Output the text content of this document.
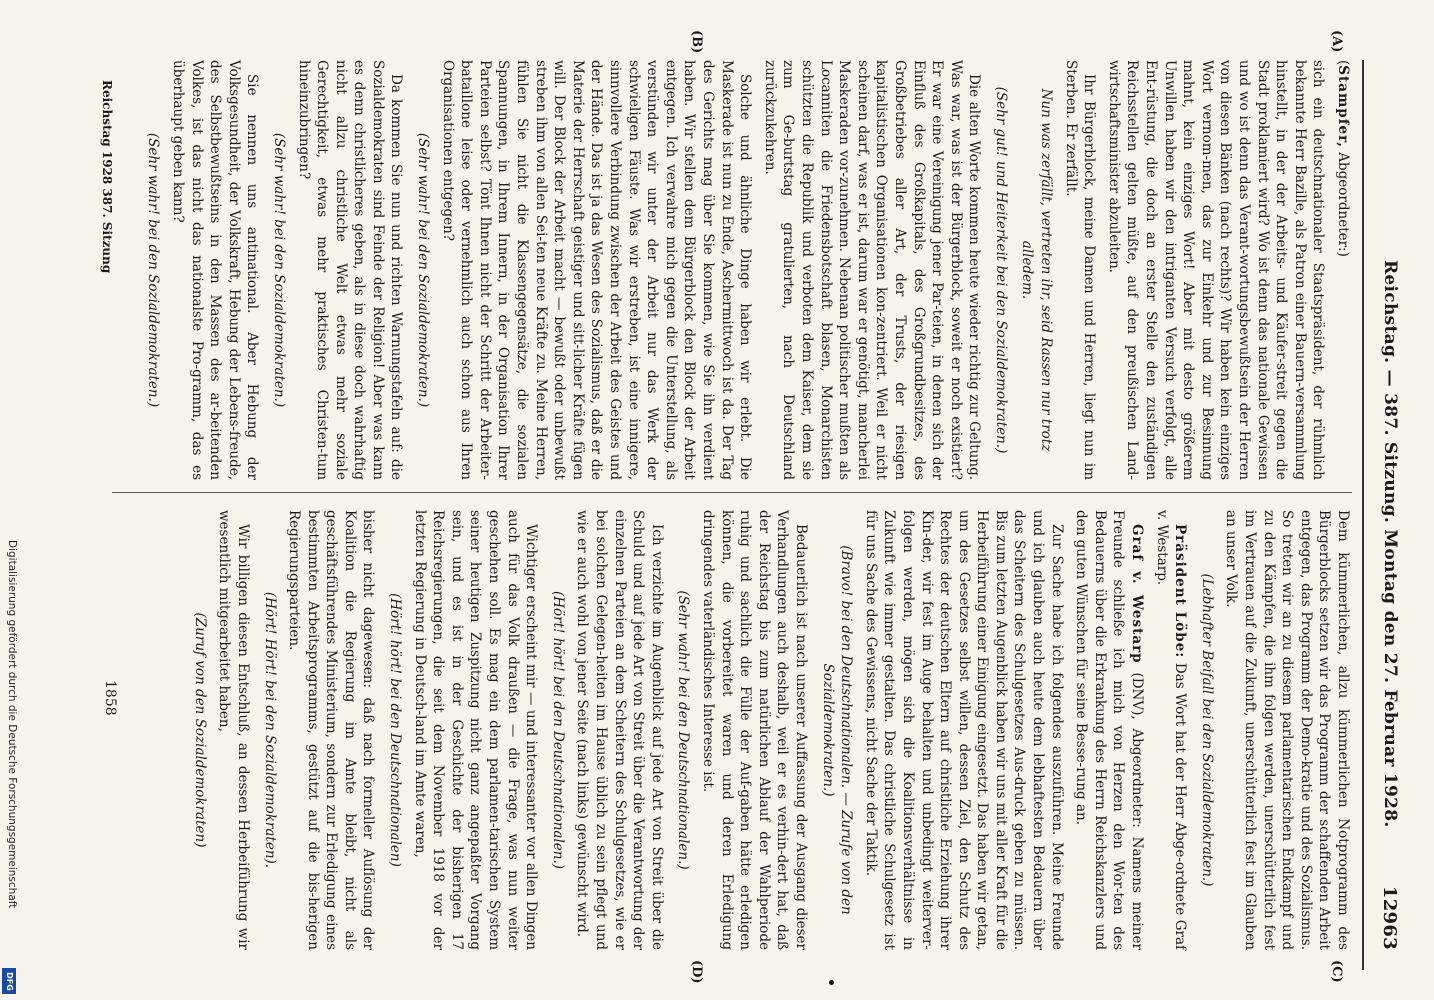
Reichstag. — 387. Sitzung. Montag den 27. Februar 1928.
12963
(A)
(B)
(C)
(D)

(Stampfer, Abgeordneter:)

sich ein deutschnationaler Staatspräsident, der rühmlich bekannte Herr Bazille, als Patron einer Bauern-versammlung hinstellt, in der der Arbeits- und Käufer-streit gegen die Stadt proklamiert wird? Wo ist denn das nationale Gewissen und wo ist denn das Verant-wortungsbewußtsein der Herren von diesen Bänken (nach rechts)? Wir haben kein einziges Wort vernom-men, das zur Einkehr und zur Besinnung mahnt, kein einziges Wort! Aber mit desto größerem Unwillen haben wir den intriganten Versuch verfolgt, alle Ent-rüstung, die doch an erster Stelle den zuständigen Reichsstellen gelten müßte, auf den preußischen Land-wirtschaftsminister abzuleiten.

Ihr Bürgerblock, meine Damen und Herren, liegt nun im Sterben. Er zerfällt.

Nun was zerfällt, vertreten ihr, seid Rassen nur trotz alledem.

(Sehr gut! und Heiterkeit bei den Sozialdemokraten.)

Die alten Worte kommen heute wieder richtig zur Geltung. Was war, was ist der Bürgerblock, soweit er noch existiert? Er war eine Vereinigung jener Par-teien, in denen sich der Einfluß des Großkapitals, des Großgrundbesitzes, des Großbetriebes aller Art, der Trusts, der riesigen kapitalistischen Organisationen kon-zentriert. Weil er nicht scheinen darf, was er ist, darum war er genötigt, mancherlei Maskeraden vor-zunehmen. Nebenan politischer mußten als Locanniten die Friedensbotschaft blasen, Monarchisten schützten die Republik und verboten dem Kaiser, dem sie zum Ge-burtstag gratulierten, nach Deutschland zurückzukehren.

Solche und ähnliche Dinge haben wir erlebt. Die Maskerade ist nun zu Ende, Aschermittwoch ist da. Der Tag des Gerichts mag über Sie kommen, wie Sie ihn verdient haben. Wir stellen dem Bürgerblock den Block der Arbeit entgegen. Ich verwahre mich gegen die Unterstellung, als verstünden wir unter der Arbeit nur das Werk der schwieligen Fäuste. Was wir erstreben, ist eine innigere, sinnvollere Verbindung zwischen der Arbeit des Geistes und der Hände. Das ist ja das Wesen des Sozialismus, daß er die Materie der Herrschaft geistiger und sitt-licher Kräfte fügen will. Der Block der Arbeit macht — bewußt oder unbewußt streben ihm von allen Sei-ten neue Kräfte zu. Meine Herren, fühlen Sie nicht die Klassengegensätze, die sozialen Spannungen, in Ihrem Innern, in der Organisation Ihrer Parteien selbst? Tönt Ihnen nicht der Schritt der Arbeiter-bataillone leise oder vernehmlich auch schon aus Ihren Organisationen entgegen?

(Sehr wahr! bei den Sozialdemokraten.)

Da kommen Sie nun und richten Warnungstafeln auf: die Sozialdemokraten sind Feinde der Religion! Aber was kann es denn christlicheres geben, als in diese doch wahrhaftig nicht allzu christliche Welt etwas mehr soziale Gerechtigkeit, etwas mehr praktisches Christen-tum hineinzubringen?

(Sehr wahr! bei den Sozialdemokraten.)

Sie nennen uns antinational. Aber Hebung der Volksgesundheit, der Volkskraft, Hebung der Lebens-freude, des Selbstbewußtseins in den Massen des ar-beitenden Volkes, ist das nicht das nationalste Pro-gramm, das es überhaupt geben kann?

(Sehr wahr! bei den Sozialdemokraten.)

Dem kümmerlichen, allzu kümmerlichen Notprogramm des Bürgerblocks setzen wir das Programm der schaffenden Arbeit entgegen, das Programm der Demo-kratie und des Sozialismus. So treten wir an zu diesem parlamentarischen Endkampf und zu den Kämpfen, die ihm folgen werden, unerschütterlich fest im Vertrauen auf die Zukunft, unerschütterlich fest im Glauben an unser Volk.

(Lebhafter Beifall bei den Sozialdemokraten.)

Präsident Löbe: Das Wort hat der Herr Abge-ordnete Graf v. Westarp.

Graf v. Westarp (DNV), Abgeordneter: Namens meiner Freunde schließe ich mich von Herzen den Wor-ten des Bedauerns über die Erkrankung des Herrn Reichskanzlers und den guten Wünschen für seine Besse-rung an.

Zur Sache habe ich folgendes auszuführen. Meine Freunde und ich glauben auch heute dem lebhaftesten Bedauern über das Scheitern des Schulgesetzes Aus-druck geben zu müssen. Bis zum letzten Augenblick haben wir uns mit aller Kraft für die Herbeiführung einer Einigung eingesetzt. Das haben wir getan, um des Gesetzes selbst willen, dessen Ziel, den Schutz des Rechtes der deutschen Eltern auf christliche Erziehung ihrer Kin-der, wir fest im Auge behalten und unbedingt weiterver-folgen werden, mögen sich die Koalitionsverhältnisse in Zukunft wie immer gestalten. Das christliche Schulgesetz ist für uns Sache des Gewissens, nicht Sache der Taktik.

(Bravo! bei den Deutschnationalen. — Zurufe von den Sozialdemokraten.)

Bedauerlich ist nach unserer Auffassung der Ausgang dieser Verhandlungen auch deshalb, weil er es verhin-dert hat, daß der Reichstag bis zum natürlichen Ablauf der Wahlperiode ruhig und sachlich die Fülle der Auf-gaben hätte erledigen können, die vorbereitet waren und deren Erledigung dringendes vaterländisches Interesse ist.

(Sehr wahr! bei den Deutschnationalen.)

Ich verzichte im Augenblick auf jede Art von Streit über die Schuld und auf jede Art von Streit über die Verantwortung der einzelnen Parteien an dem Scheitern des Schulgesetzes, wie er bei solchen Gelegen-heiten im Hause üblich zu sein pflegt und wie er auch wohl von jener Seite (nach links) gewünscht wird.

(Hört! hört! bei den Deutschnationalen.)

Wichtiger erscheint mir — und interessanter vor allen Dingen auch für das Volk draußen — die Frage, was nun weiter geschehen soll. Es mag ein dem parlamen-tarischen System seiner heutigen Zuspitzung nicht ganz angepaßter Vorgang sein, und es ist in der Geschichte der bisherigen 17 Reichsregierungen, die seit dem November 1918 vor der letzten Regierung in Deutsch-land im Amte waren,

(Hört! hört! bei den Deutschnationalen)

bisher nicht dagewesen: daß nach formeller Auflösung der Koalition die Regierung im Amte bleibt, nicht als geschäftsführendes Ministerium, sondern zur Erledigung eines bestimmten Arbeitsprogramms, gestützt auf die bis-herigen Regierungsparteien.

(Hört! Hört! bei den Sozialdemokraten).

Wir billigen diesen Entschluß, an dessen Herbeiführung wir wesentlich mitgearbeitet haben,

(Zuruf von den Sozialdemokraten)

Reichstag 1928 387. Sitzung
1858
Digitalisierung gefördert durch die Deutsche Forschungsgemeinschaft
DFG
